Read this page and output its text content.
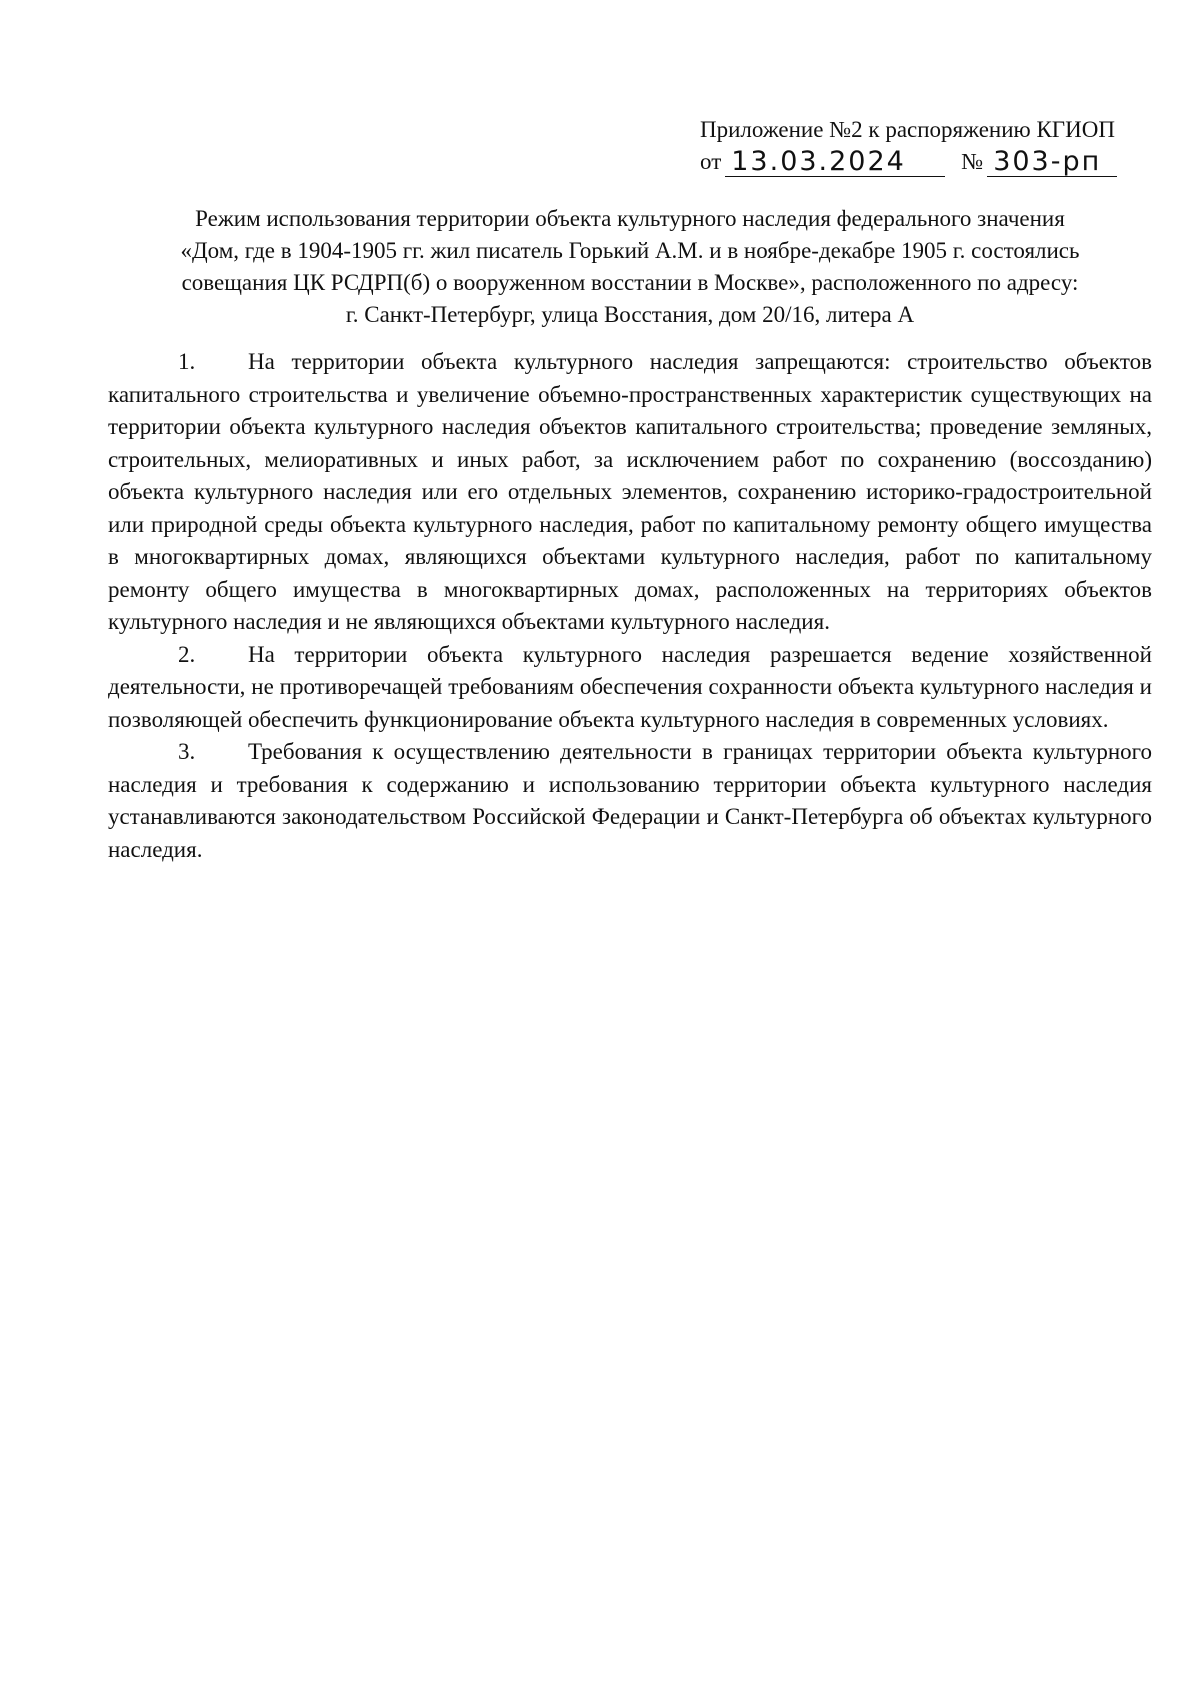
Приложение №2 к распоряжению КГИОП
от 13.03.2024	№ 303-рп
Режим использования территории объекта культурного наследия федерального значения
«Дом, где в 1904-1905 гг. жил писатель Горький А.М. и в ноябре-декабре 1905 г. состоялись
совещания ЦК РСДРП(б) о вооруженном восстании в Москве», расположенного по адресу:
г. Санкт-Петербург, улица Восстания, дом 20/16, литера А

1. На территории объекта культурного наследия запрещаются: строительство объектов капитального строительства и увеличение объемно-пространственных характеристик существующих на территории объекта культурного наследия объектов капитального строительства; проведение земляных, строительных, мелиоративных и иных работ, за исключением работ по сохранению (воссозданию) объекта культурного наследия или его отдельных элементов, сохранению историко-градостроительной или природной среды объекта культурного наследия, работ по капитальному ремонту общего имущества в многоквартирных домах, являющихся объектами культурного наследия, работ по капитальному ремонту общего имущества в многоквартирных домах, расположенных на территориях объектов культурного наследия и не являющихся объектами культурного наследия.

2. На территории объекта культурного наследия разрешается ведение хозяйственной деятельности, не противоречащей требованиям обеспечения сохранности объекта культурного наследия и позволяющей обеспечить функционирование объекта культурного наследия в современных условиях.

3. Требования к осуществлению деятельности в границах территории объекта культурного наследия и требования к содержанию и использованию территории объекта культурного наследия устанавливаются законодательством Российской Федерации и Санкт-Петербурга об объектах культурного наследия.
